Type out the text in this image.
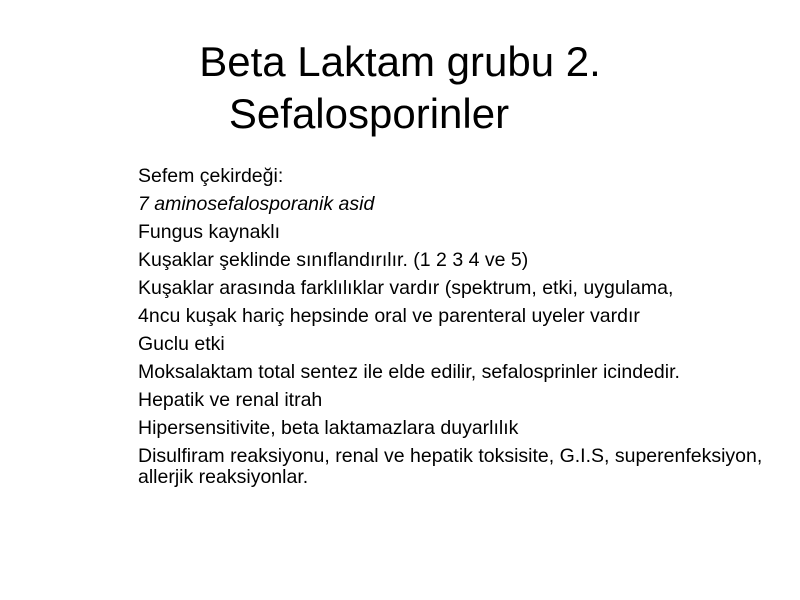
Beta Laktam grubu 2.
Sefalosporinler
Sefem çekirdeği:
7 aminosefalosporanik asid
Fungus kaynaklı
Kuşaklar şeklinde sınıflandırılır. (1 2 3 4 ve 5)
Kuşaklar arasında farklılıklar vardır (spektrum, etki, uygulama,
4ncu kuşak hariç hepsinde oral ve parenteral uyeler vardır
Guclu etki
Moksalaktam total sentez ile elde edilir, sefalosprinler icindedir.
Hepatik ve renal itrah
Hipersensitivite, beta laktamazlara duyarlılık
Disulfiram reaksiyonu, renal ve hepatik toksisite, G.I.S, superenfeksiyon, allerjik reaksiyonlar.
